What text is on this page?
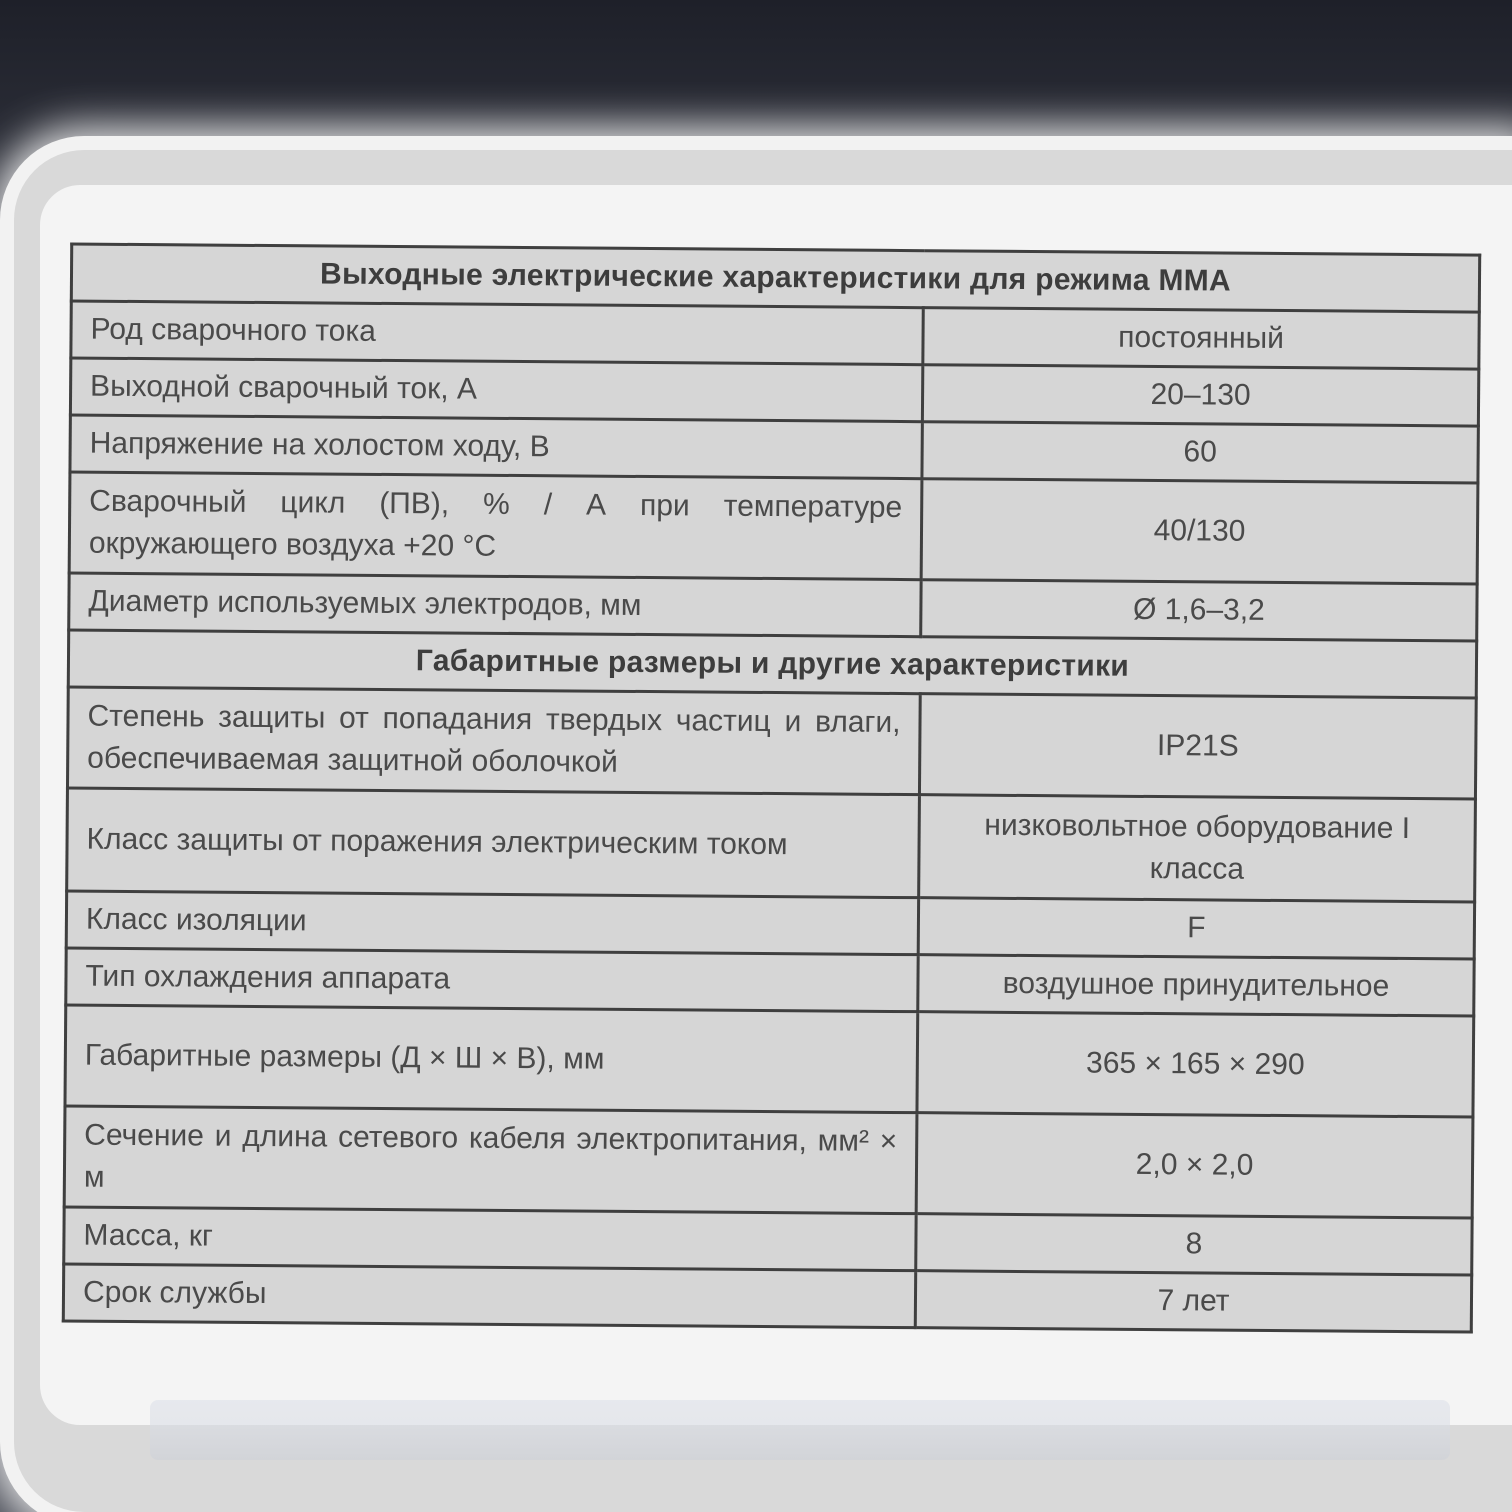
Выходные электрические характеристики для режима ММА	
Род сварочного тока	постоянный
Выходной сварочный ток, А	20–130
Напряжение на холостом ходу, В	60
Сварочный цикл (ПВ), % / А при температуре окружающего воздуха +20 °С	40/130
Диаметр используемых электродов, мм	Ø 1,6–3,2
Габаритные размеры и другие характеристики	
Степень защиты от попадания твердых частиц и влаги, обеспечиваемая защитной оболочкой	IP21S
Класс защиты от поражения электрическим током	низковольтное оборудование I класса
Класс изоляции	F
Тип охлаждения аппарата	воздушное принудительное
Габаритные размеры (Д × Ш × В), мм	365 × 165 × 290
Сечение и длина сетевого кабеля электропитания, мм² × м	2,0 × 2,0
Масса, кг	8
Срок службы	7 лет
